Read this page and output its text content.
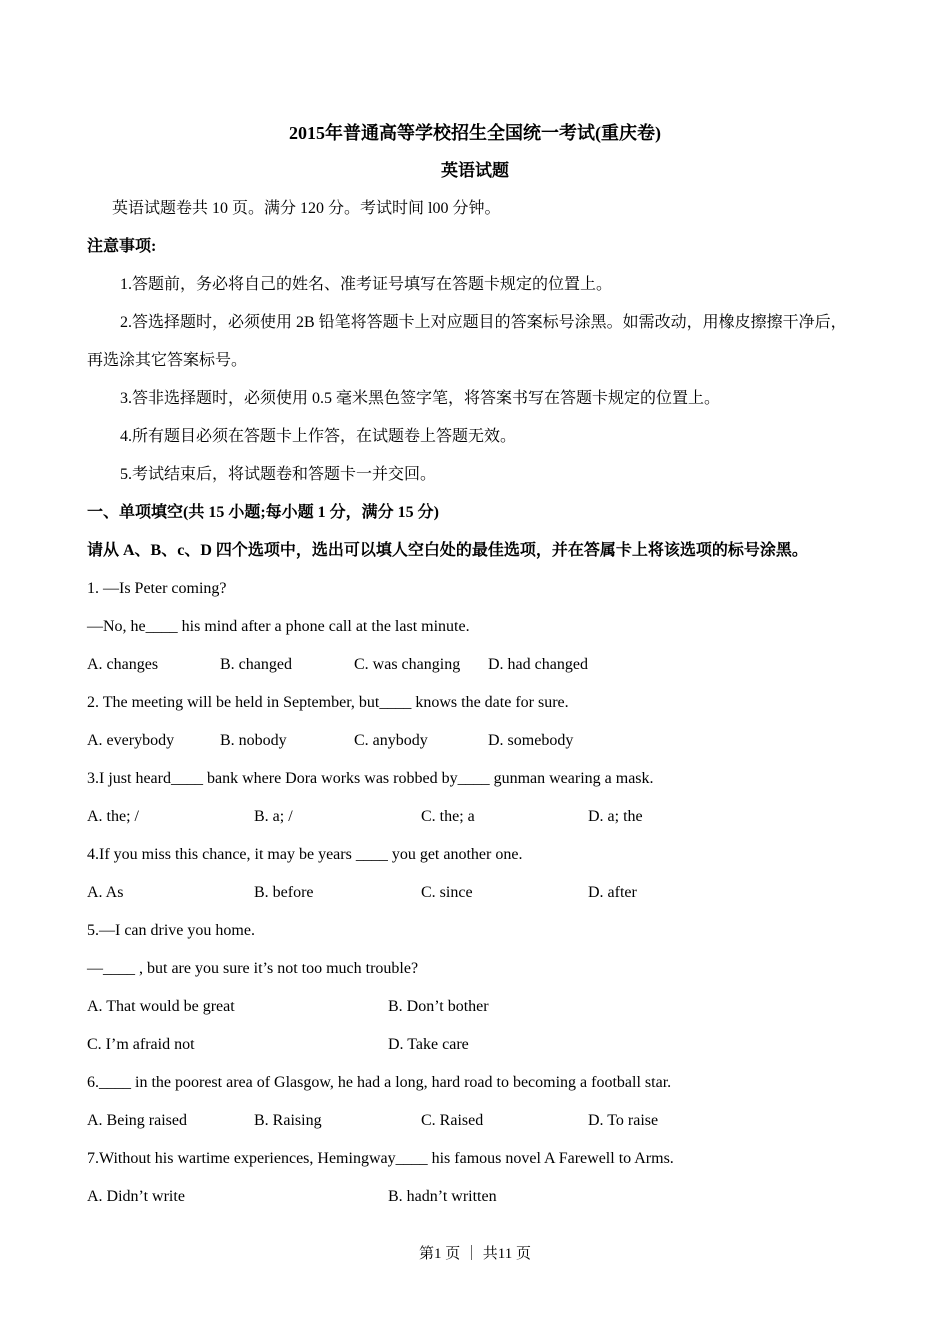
2015年普通高等学校招生全国统一考试(重庆卷)
英语试题
英语试题卷共 10 页。满分 120 分。考试时间 l00 分钟。
注意事项:
1.答题前，务必将自己的姓名、准考证号填写在答题卡规定的位置上。
2.答选择题时，必须使用 2B 铅笔将答题卡上对应题目的答案标号涂黑。如需改动，用橡皮擦擦干净后，
再选涂其它答案标号。
3.答非选择题时，必须使用 0.5 毫米黑色签字笔，将答案书写在答题卡规定的位置上。
4.所有题目必须在答题卡上作答，在试题卷上答题无效。
5.考试结束后，将试题卷和答题卡一并交回。
一、单项填空(共 15 小题;每小题 1 分，满分 15 分)
请从 A、B、c、D 四个选项中，选出可以填人空白处的最佳选项，并在答属卡上将该选项的标号涂黑。
1. —Is Peter coming?
—No, he____ his mind after a phone call at the last minute.
A. changes	B. changed	C. was changing D. had changed
2. The meeting will be held in September, but____ knows the date for sure.
A. everybody	B. nobody	C. anybody	D. somebody
3.I just heard____ bank where Dora works was robbed by____ gunman wearing a mask.
A. the; /	B. a; /	C. the; a	D. a; the
4.If you miss this chance, it may be years ____ you get another one.
A. As	B. before	C. since	D. after
5.—I can drive you home.
—____ , but are you sure it’s not too much trouble?
A. That would be great	B. Don’t bother
C. I’m afraid not	D. Take care
6.____ in the poorest area of Glasgow, he had a long, hard road to becoming a football star.
A. Being raised	B. Raising	C. Raised	D. To raise
7.Without his wartime experiences, Hemingway____ his famous novel A Farewell to Arms.
A. Didn’t write	B. hadn’t written
第1 页 ｜ 共11 页
